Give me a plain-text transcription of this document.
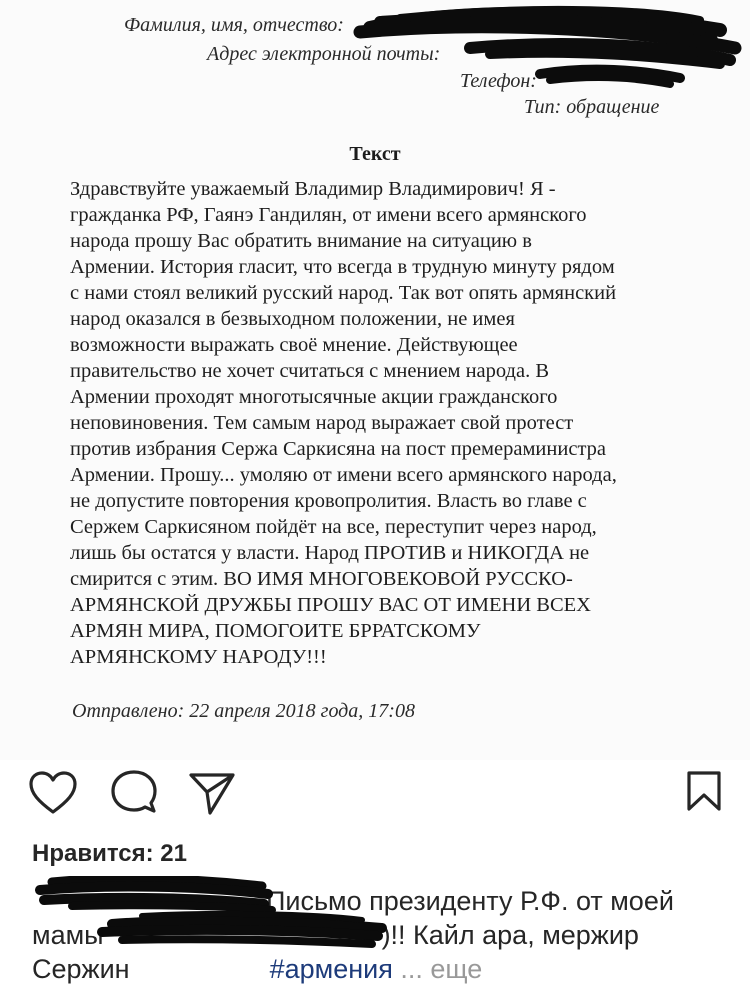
Фамилия, имя, отчество:
Адрес электронной почты:
Телефон:
Тип: обращение
Текст

Здравствуйте уважаемый Владимир Владимирович! Я -

гражданка РФ, Гаянэ Гандилян, от имени всего армянского

народа прошу Вас обратить внимание на ситуацию в

Армении. История гласит, что всегда в трудную минуту рядом

с нами стоял великий русский народ. Так вот опять армянский

народ оказался в безвыходном положении, не имея

возможности выражать своё мнение. Действующее

правительство не хочет считаться с мнением народа. В

Армении проходят многотысячные акции гражданского

неповиновения. Тем самым народ выражает свой протест

против избрания Сержа Саркисяна на пост премераминистра

Армении. Прошу... умоляю от имени всего армянского народа,

не допустите повторения кровопролития. Власть во главе с

Сержем Саркисяном пойдёт на все, переступит через народ,

лишь бы остатся у власти. Народ ПРОТИВ и НИКОГДА не

смирится с этим. ВО ИМЯ МНОГОВЕКОВОЙ РУССКО-

АРМЯНСКОЙ ДРУЖБЫ ПРОШУ ВАС ОТ ИМЕНИ ВСЕХ

АРМЯН МИРА, ПОМОГОИТЕ БРРАТСКОМУ

АРМЯНСКОМУ НАРОДУ!!!

Отправлено: 22 апреля 2018 года, 17:08
Нравится: 21
Письмо президенту Р.Ф. от моей
мамы	)!! Кайл ара, мержир
Сержин	#армения ... еще
